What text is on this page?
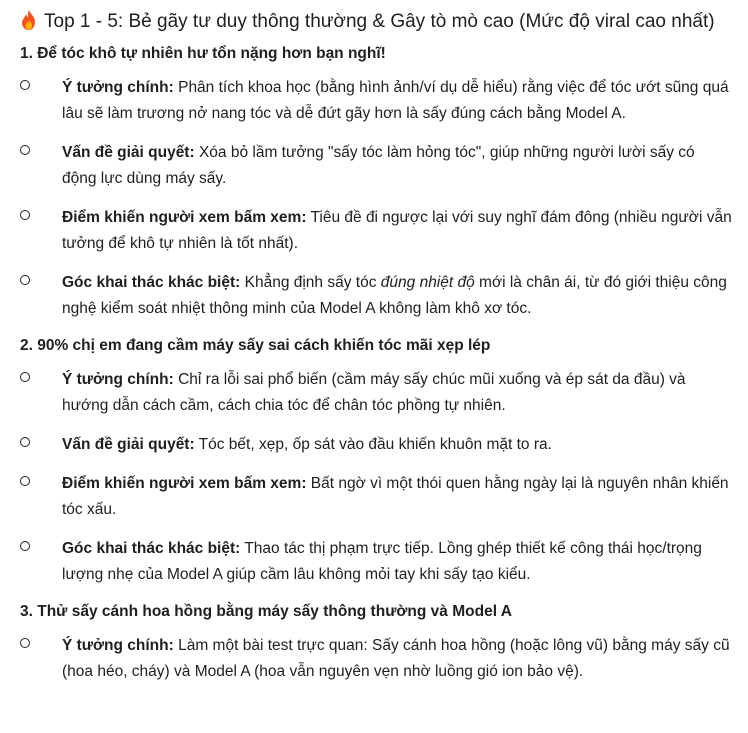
Top 1 - 5: Bẻ gãy tư duy thông thường & Gây tò mò cao (Mức độ viral cao nhất)
1. Để tóc khô tự nhiên hư tổn nặng hơn bạn nghĩ!
Ý tưởng chính: Phân tích khoa học (bằng hình ảnh/ví dụ dễ hiểu) rằng việc để tóc ướt sũng quá lâu sẽ làm trương nở nang tóc và dễ đứt gãy hơn là sấy đúng cách bằng Model A.
Vấn đề giải quyết: Xóa bỏ lầm tưởng "sấy tóc làm hỏng tóc", giúp những người lười sấy có động lực dùng máy sấy.
Điểm khiến người xem bấm xem: Tiêu đề đi ngược lại với suy nghĩ đám đông (nhiều người vẫn tưởng để khô tự nhiên là tốt nhất).
Góc khai thác khác biệt: Khẳng định sấy tóc đúng nhiệt độ mới là chân ái, từ đó giới thiệu công nghệ kiểm soát nhiệt thông minh của Model A không làm khô xơ tóc.
2. 90% chị em đang cầm máy sấy sai cách khiến tóc mãi xẹp lép
Ý tưởng chính: Chỉ ra lỗi sai phổ biến (cầm máy sấy chúc mũi xuống và ép sát da đầu) và hướng dẫn cách cầm, cách chia tóc để chân tóc phồng tự nhiên.
Vấn đề giải quyết: Tóc bết, xẹp, ốp sát vào đầu khiến khuôn mặt to ra.
Điểm khiến người xem bấm xem: Bất ngờ vì một thói quen hằng ngày lại là nguyên nhân khiến tóc xấu.
Góc khai thác khác biệt: Thao tác thị phạm trực tiếp. Lồng ghép thiết kế công thái học/trọng lượng nhẹ của Model A giúp cầm lâu không mỏi tay khi sấy tạo kiểu.
3. Thử sấy cánh hoa hồng bằng máy sấy thông thường và Model A
Ý tưởng chính: Làm một bài test trực quan: Sấy cánh hoa hồng (hoặc lông vũ) bằng máy sấy cũ (hoa héo, cháy) và Model A (hoa vẫn nguyên vẹn nhờ luồng gió ion bảo vệ).
